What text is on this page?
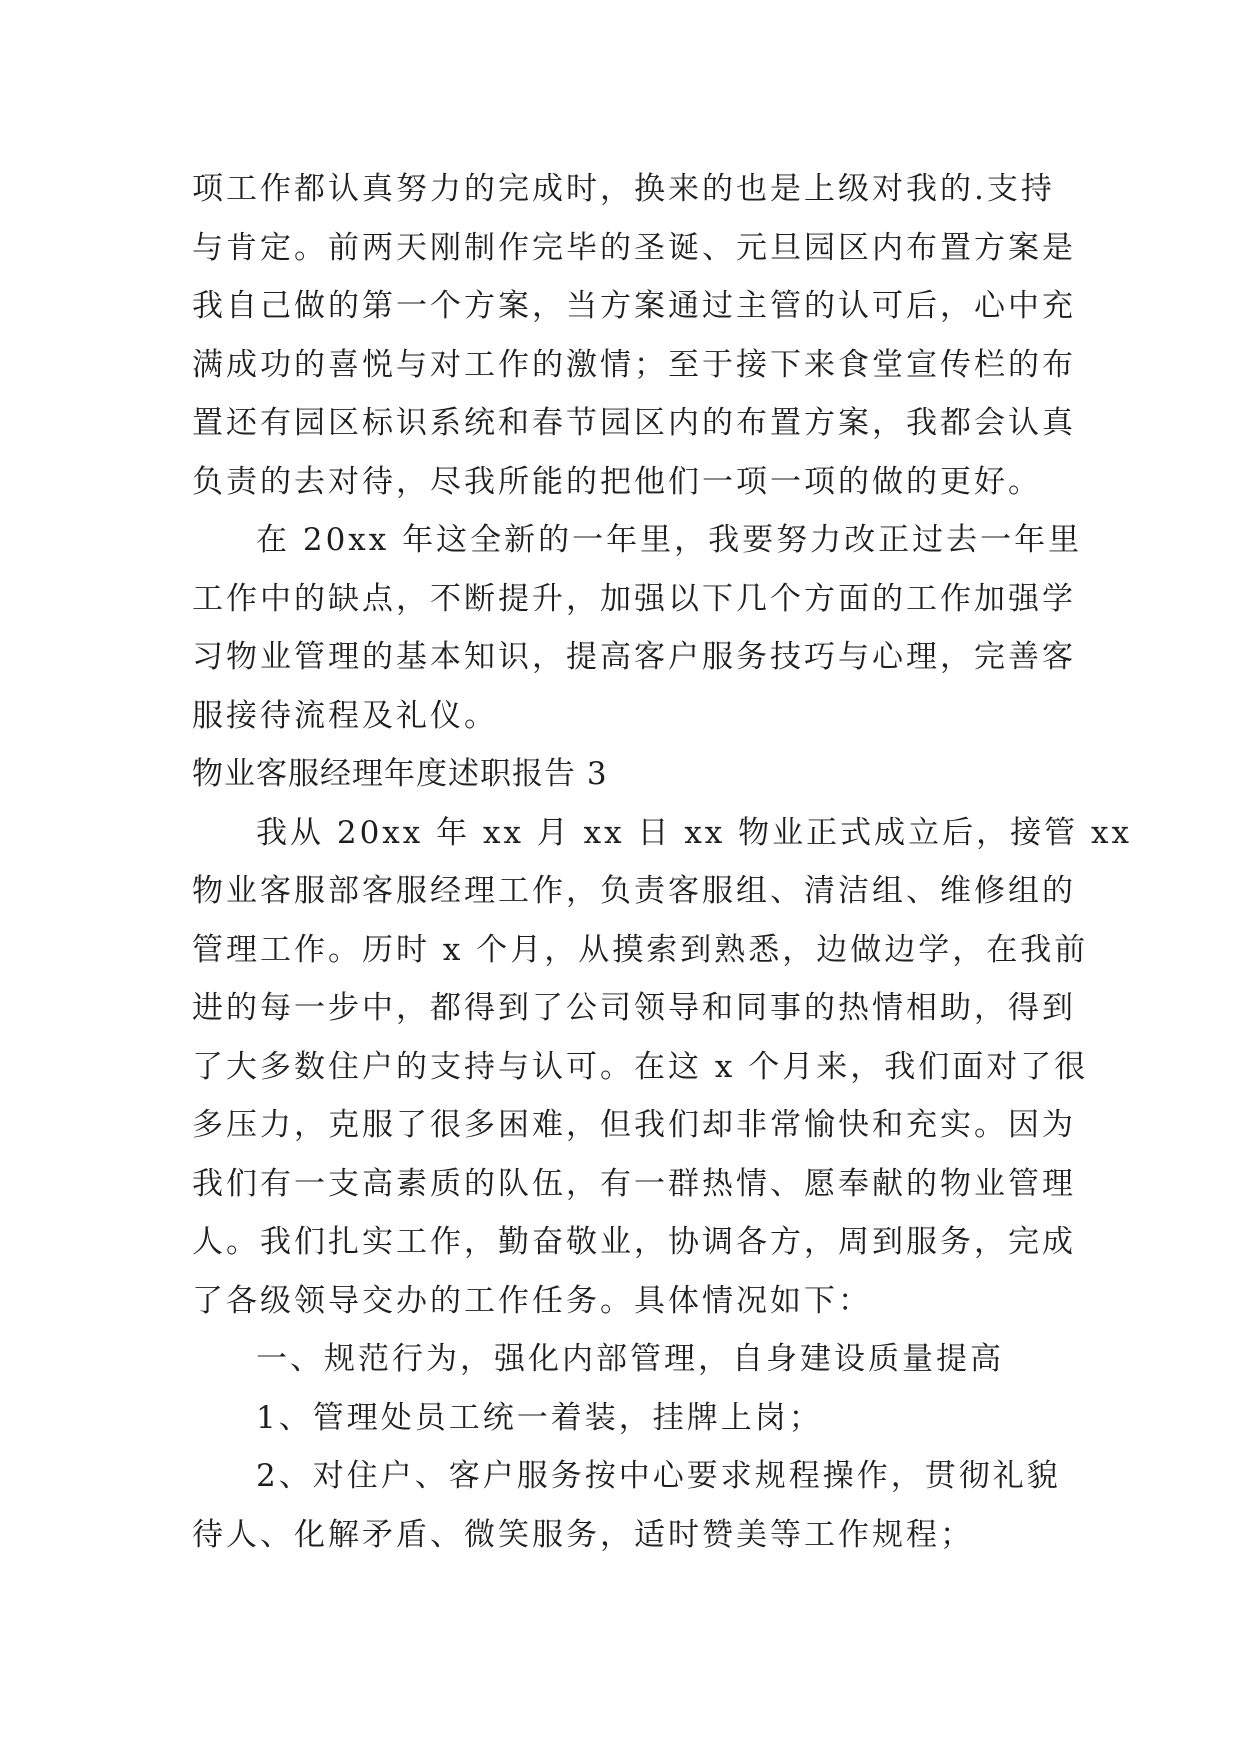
项工作都认真努力的完成时，换来的也是上级对我的.支持
与肯定。前两天刚制作完毕的圣诞、元旦园区内布置方案是
我自己做的第一个方案，当方案通过主管的认可后，心中充
满成功的喜悦与对工作的激情；至于接下来食堂宣传栏的布
置还有园区标识系统和春节园区内的布置方案，我都会认真
负责的去对待，尽我所能的把他们一项一项的做的更好。
在 20xx 年这全新的一年里，我要努力改正过去一年里
工作中的缺点，不断提升，加强以下几个方面的工作加强学
习物业管理的基本知识，提高客户服务技巧与心理，完善客
服接待流程及礼仪。
物业客服经理年度述职报告 3
我从 20xx 年 xx 月 xx 日 xx 物业正式成立后，接管 xx
物业客服部客服经理工作，负责客服组、清洁组、维修组的
管理工作。历时 x 个月，从摸索到熟悉，边做边学，在我前
进的每一步中，都得到了公司领导和同事的热情相助，得到
了大多数住户的支持与认可。在这 x 个月来，我们面对了很
多压力，克服了很多困难，但我们却非常愉快和充实。因为
我们有一支高素质的队伍，有一群热情、愿奉献的物业管理
人。我们扎实工作，勤奋敬业，协调各方，周到服务，完成
了各级领导交办的工作任务。具体情况如下：
一、规范行为，强化内部管理，自身建设质量提高
1、管理处员工统一着装，挂牌上岗；
2、对住户、客户服务按中心要求规程操作，贯彻礼貌
待人、化解矛盾、微笑服务，适时赞美等工作规程；
